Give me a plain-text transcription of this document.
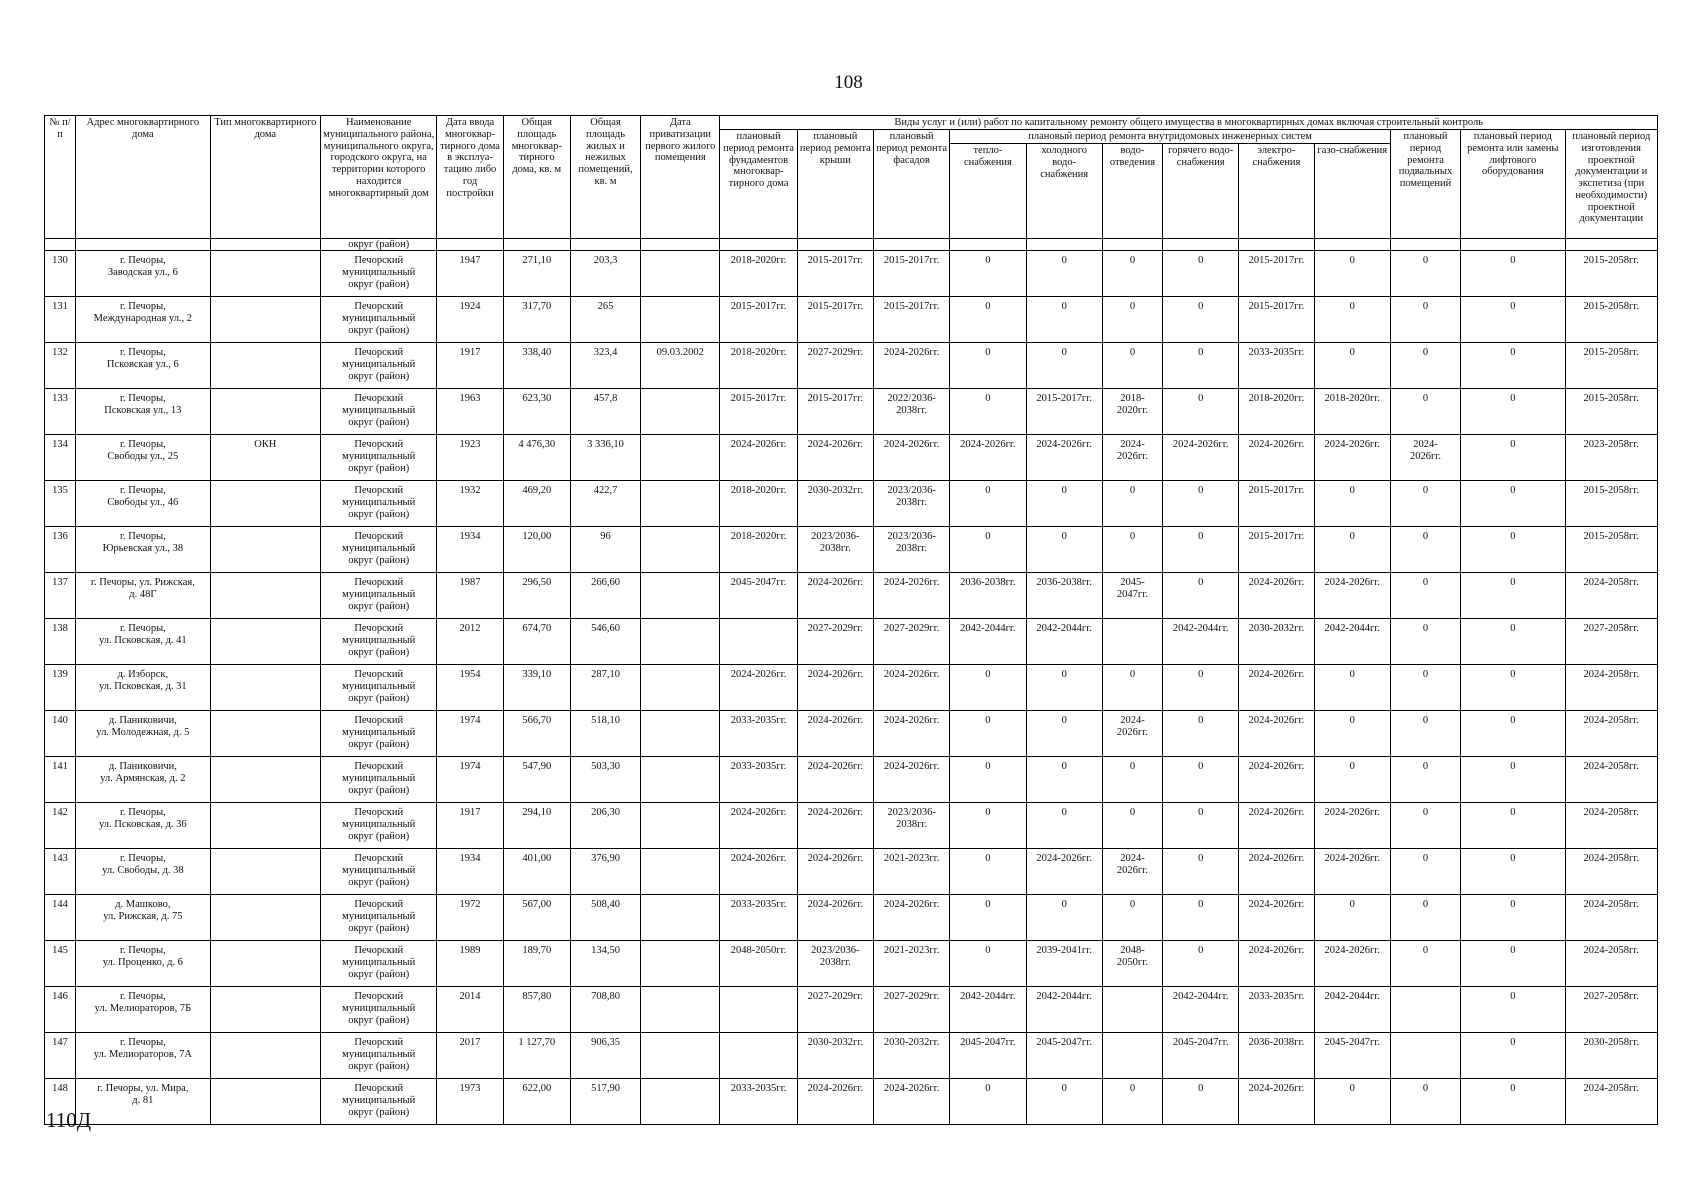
108
№ п/п	Адрес многоквартирного дома	Тип многоквартирного дома	Наименование муниципального района, муниципального округа, городского округа, на территории которого находится многоквартирный дом	Дата ввода многоквар-тирного дома в эксплуа-тацию либо год постройки	Общая площадь многоквар-тирного дома, кв. м	Общая площадь жилых и нежилых помещений, кв. м	Дата приватизации первого жилого помещения	Виды услуг и (или) работ по капитальному ремонту общего имущества в многоквартирных домах включая строительный контроль											
								плановый период ремонта фундаментов многоквар-тирного дома	плановый период ремонта крыши	плановый период ремонта фасадов	плановый период ремонта внутридомовых инженерных систем						плановый период ремонта подвальных помещений	плановый период ремонта или замены лифтового оборудования	плановый период изготовления проектной документации и экспетиза (при необходимости) проектной документации
											тепло-снабжения	холодного водо-снабжения	водо-отведения	горячего водо-снабжения	электро-снабжения	газо-снабжения			
			округ (район)																
130	г. Печоры,
Заводская ул., 6		Печорский
муниципальный
округ (район)	1947	271,10	203,3		2018-2020гг.	2015-2017гг.	2015-2017гг.	0	0	0	0	2015-2017гг.	0	0	0	2015-2058гг.
131	г. Печоры,
Международная ул., 2		Печорский
муниципальный
округ (район)	1924	317,70	265		2015-2017гг.	2015-2017гг.	2015-2017гг.	0	0	0	0	2015-2017гг.	0	0	0	2015-2058гг.
132	г. Печоры,
Псковская ул., 6		Печорский
муниципальный
округ (район)	1917	338,40	323,4	09.03.2002	2018-2020гг.	2027-2029гг.	2024-2026гг.	0	0	0	0	2033-2035гг.	0	0	0	2015-2058гг.
133	г. Печоры,
Псковская ул., 13		Печорский
муниципальный
округ (район)	1963	623,30	457,8		2015-2017гг.	2015-2017гг.	2022/2036-
2038гг.	0	2015-2017гг.	2018-
2020гг.	0	2018-2020гг.	2018-2020гг.	0	0	2015-2058гг.
134	г. Печоры,
Свободы ул., 25	ОКН	Печорский
муниципальный
округ (район)	1923	4 476,30	3 336,10		2024-2026гг.	2024-2026гг.	2024-2026гг.	2024-2026гг.	2024-2026гг.	2024-
2026гг.	2024-2026гг.	2024-2026гг.	2024-2026гг.	2024-
2026гг.	0	2023-2058гг.
135	г. Печоры,
Свободы ул., 46		Печорский
муниципальный
округ (район)	1932	469,20	422,7		2018-2020гг.	2030-2032гг.	2023/2036-
2038гг.	0	0	0	0	2015-2017гг.	0	0	0	2015-2058гг.
136	г. Печоры,
Юрьевская ул., 38		Печорский
муниципальный
округ (район)	1934	120,00	96		2018-2020гг.	2023/2036-
2038гг.	2023/2036-
2038гг.	0	0	0	0	2015-2017гг.	0	0	0	2015-2058гг.
137	г. Печоры, ул. Рижская,
д. 48Г		Печорский
муниципальный
округ (район)	1987	296,50	266,60		2045-2047гг.	2024-2026гг.	2024-2026гг.	2036-2038гг.	2036-2038гг.	2045-
2047гг.	0	2024-2026гг.	2024-2026гг.	0	0	2024-2058гг.
138	г. Печоры,
ул. Псковская, д. 41		Печорский
муниципальный
округ (район)	2012	674,70	546,60			2027-2029гг.	2027-2029гг.	2042-2044гг.	2042-2044гг.		2042-2044гг.	2030-2032гг.	2042-2044гг.	0	0	2027-2058гг.
139	д. Изборск,
ул. Псковская, д. 31		Печорский
муниципальный
округ (район)	1954	339,10	287,10		2024-2026гг.	2024-2026гг.	2024-2026гг.	0	0	0	0	2024-2026гг.	0	0	0	2024-2058гг.
140	д. Паниковичи,
ул. Молодежная, д. 5		Печорский
муниципальный
округ (район)	1974	566,70	518,10		2033-2035гг.	2024-2026гг.	2024-2026гг.	0	0	2024-
2026гг.	0	2024-2026гг.	0	0	0	2024-2058гг.
141	д. Паниковичи,
ул. Армянская, д. 2		Печорский
муниципальный
округ (район)	1974	547,90	503,30		2033-2035гг.	2024-2026гг.	2024-2026гг.	0	0	0	0	2024-2026гг.	0	0	0	2024-2058гг.
142	г. Печоры,
ул. Псковская, д. 36		Печорский
муниципальный
округ (район)	1917	294,10	206,30		2024-2026гг.	2024-2026гг.	2023/2036-
2038гг.	0	0	0	0	2024-2026гг.	2024-2026гг.	0	0	2024-2058гг.
143	г. Печоры,
ул. Свободы, д. 38		Печорский
муниципальный
округ (район)	1934	401,00	376,90		2024-2026гг.	2024-2026гг.	2021-2023гг.	0	2024-2026гг.	2024-
2026гг.	0	2024-2026гг.	2024-2026гг.	0	0	2024-2058гг.
144	д. Машково,
ул. Рижская, д. 75		Печорский
муниципальный
округ (район)	1972	567,00	508,40		2033-2035гг.	2024-2026гг.	2024-2026гг.	0	0	0	0	2024-2026гг.	0	0	0	2024-2058гг.
145	г. Печоры,
ул. Проценко, д. 6		Печорский
муниципальный
округ (район)	1989	189,70	134,50		2048-2050гг.	2023/2036-
2038гг.	2021-2023гг.	0	2039-2041гг.	2048-
2050гг.	0	2024-2026гг.	2024-2026гг.	0	0	2024-2058гг.
146	г. Печоры,
ул. Мелиораторов, 7Б		Печорский
муниципальный
округ (район)	2014	857,80	708,80			2027-2029гг.	2027-2029гг.	2042-2044гг.	2042-2044гг.		2042-2044гг.	2033-2035гг.	2042-2044гг.		0	2027-2058гг.
147	г. Печоры,
ул. Мелиораторов, 7А		Печорский
муниципальный
округ (район)	2017	1 127,70	906,35			2030-2032гг.	2030-2032гг.	2045-2047гг.	2045-2047гг.		2045-2047гг.	2036-2038гг.	2045-2047гг.		0	2030-2058гг.
148	г. Печоры, ул. Мира,
д. 81		Печорский
муниципальный
округ (район)	1973	622,00	517,90		2033-2035гг.	2024-2026гг.	2024-2026гг.	0	0	0	0	2024-2026гг.	0	0	0	2024-2058гг.
110Д
